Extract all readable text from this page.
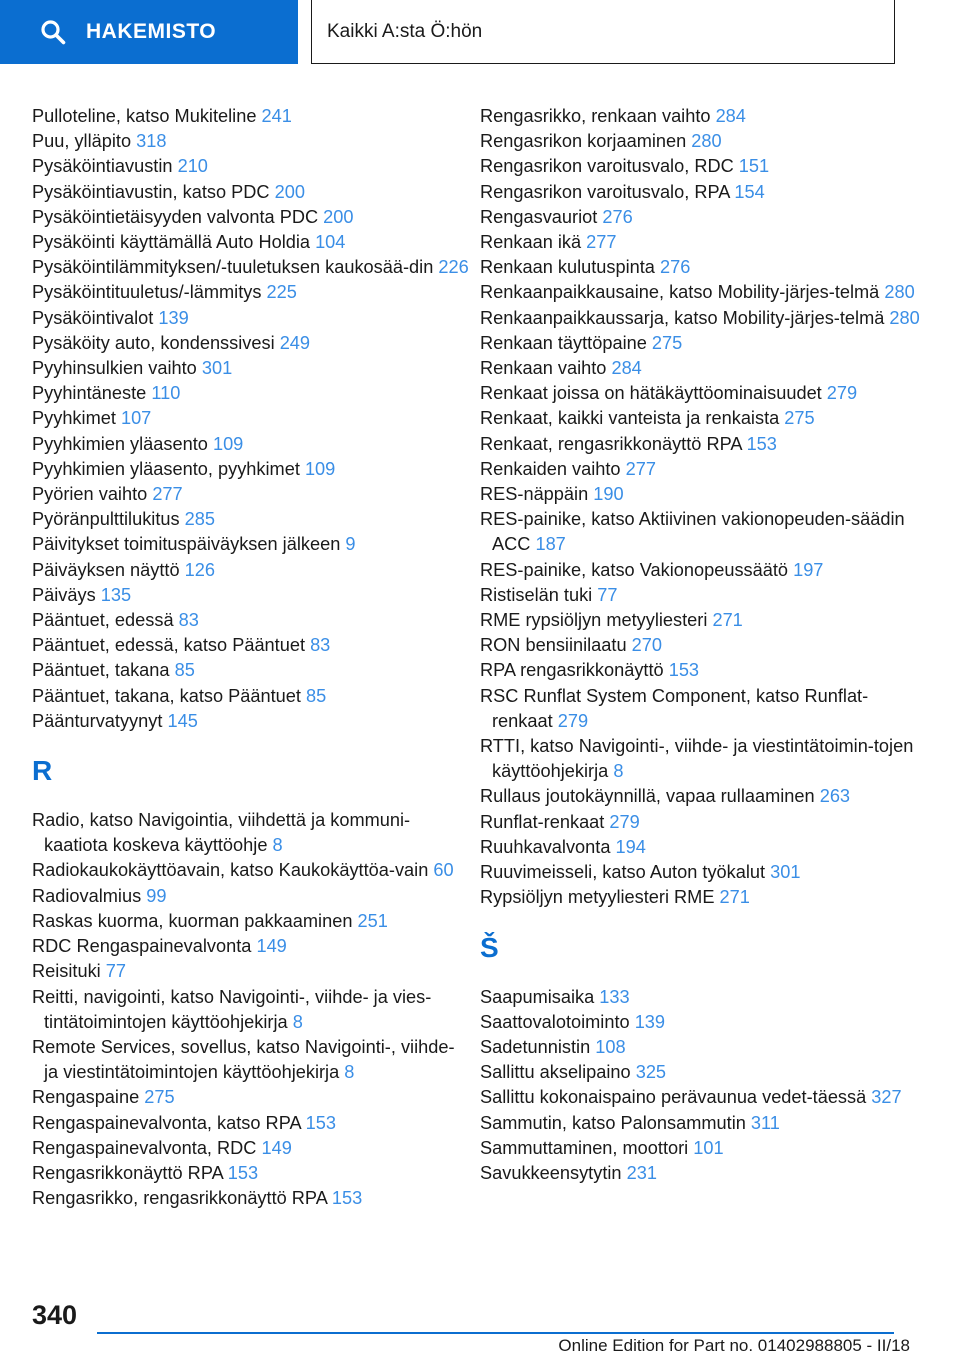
HAKEMISTO	Kaikki A:sta Ö:hön

Pulloteline, katso Mukiteline 241

Puu, ylläpito 318

Pysäköintiavustin 210

Pysäköintiavustin, katso PDC 200

Pysäköintietäisyyden valvonta PDC 200

Pysäköinti käyttämällä Auto Holdia 104

Pysäköintilämmityksen/-tuuletuksen kaukosää-din 226

Pysäköintituuletus/-lämmitys 225

Pysäköintivalot 139

Pysäköity auto, kondenssivesi 249

Pyyhinsulkien vaihto 301

Pyyhintäneste 110

Pyyhkimet 107

Pyyhkimien yläasento 109

Pyyhkimien yläasento, pyyhkimet 109

Pyörien vaihto 277

Pyöränpulttilukitus 285

Päivitykset toimituspäiväyksen jälkeen 9

Päiväyksen näyttö 126

Päiväys 135

Pääntuet, edessä 83

Pääntuet, edessä, katso Pääntuet 83

Pääntuet, takana 85

Pääntuet, takana, katso Pääntuet 85

Päänturvatyynyt 145

R

Radio, katso Navigointia, viihdettä ja kommuni-kaatiota koskeva käyttöohje 8

Radiokaukokäyttöavain, katso Kaukokäyttöa-vain 60

Radiovalmius 99

Raskas kuorma, kuorman pakkaaminen 251

RDC Rengaspainevalvonta 149

Reisituki 77

Reitti, navigointi, katso Navigointi-, viihde- ja vies-tintätoimintojen käyttöohjekirja 8

Remote Services, sovellus, katso Navigointi-, viihde- ja viestintätoimintojen käyttöohjekirja 8

Rengaspaine 275

Rengaspainevalvonta, katso RPA 153

Rengaspainevalvonta, RDC 149

Rengasrikkonäyttö RPA 153

Rengasrikko, rengasrikkonäyttö RPA 153

Rengasrikko, renkaan vaihto 284

Rengasrikon korjaaminen 280

Rengasrikon varoitusvalo, RDC 151

Rengasrikon varoitusvalo, RPA 154

Rengasvauriot 276

Renkaan ikä 277

Renkaan kulutuspinta 276

Renkaanpaikkausaine, katso Mobility-järjes-telmä 280

Renkaanpaikkaussarja, katso Mobility-järjes-telmä 280

Renkaan täyttöpaine 275

Renkaan vaihto 284

Renkaat joissa on hätäkäyttöominaisuudet 279

Renkaat, kaikki vanteista ja renkaista 275

Renkaat, rengasrikkonäyttö RPA 153

Renkaiden vaihto 277

RES-näppäin 190

RES-painike, katso Aktiivinen vakionopeuden-säädin ACC 187

RES-painike, katso Vakionopeussäätö 197

Ristiselän tuki 77

RME rypsiöljyn metyyliesteri 271

RON bensiinilaatu 270

RPA rengasrikkonäyttö 153

RSC Runflat System Component, katso Runflat-renkaat 279

RTTI, katso Navigointi-, viihde- ja viestintätoimin-tojen käyttöohjekirja 8

Rullaus joutokäynnillä, vapaa rullaaminen 263

Runflat-renkaat 279

Ruuhkavalvonta 194

Ruuvimeisseli, katso Auton työkalut 301

Rypsiöljyn metyyliesteri RME 271

Š

Saapumisaika 133

Saattovalotoiminto 139

Sadetunnistin 108

Sallittu akselipaino 325

Sallittu kokonaispaino perävaunua vedet-täessä 327

Sammutin, katso Palonsammutin 311

Sammuttaminen, moottori 101

Savukkeensytytin 231

340
Online Edition for Part no. 01402988805 - II/18
